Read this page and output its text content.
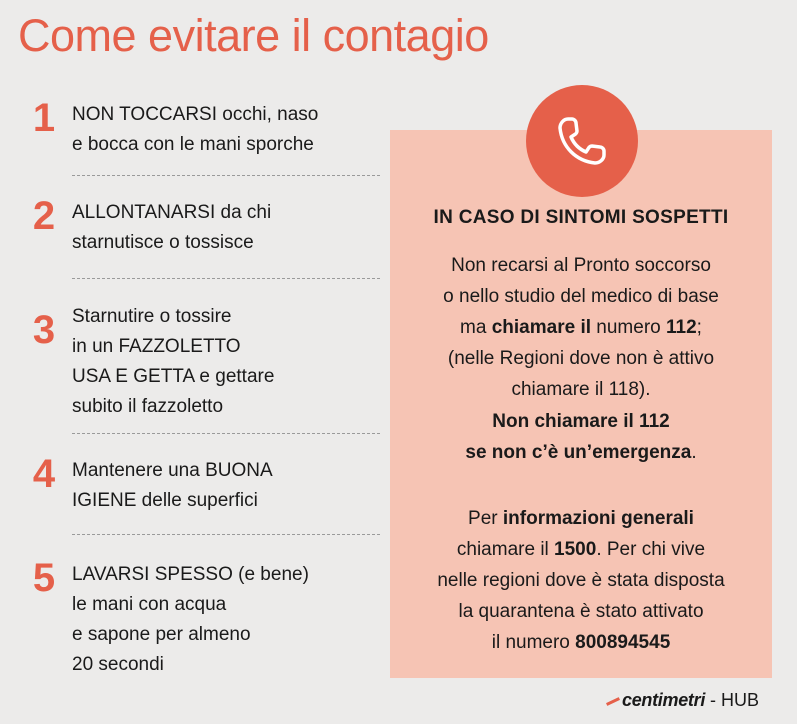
Come evitare il contagio
1 NON TOCCARSI occhi, naso
e bocca con le mani sporche
2 ALLONTANARSI da chi
starnutisce o tossisce
3 Starnutire o tossire
in un FAZZOLETTO
USA E GETTA e gettare
subito il fazzoletto
4 Mantenere una BUONA
IGIENE delle superfici
5 LAVARSI SPESSO (e bene)
le mani con acqua
e sapone per almeno
20 secondi
IN CASO DI SINTOMI SOSPETTI
Non recarsi al Pronto soccorso
o nello studio del medico di base
ma chiamare il numero 112;
(nelle Regioni dove non è attivo
chiamare il 118).
Non chiamare il 112
se non c’è un’emergenza.
Per informazioni generali
chiamare il 1500. Per chi vive
nelle regioni dove è stata disposta
la quarantena è stato attivato
il numero 800894545
centimetri - HUB
